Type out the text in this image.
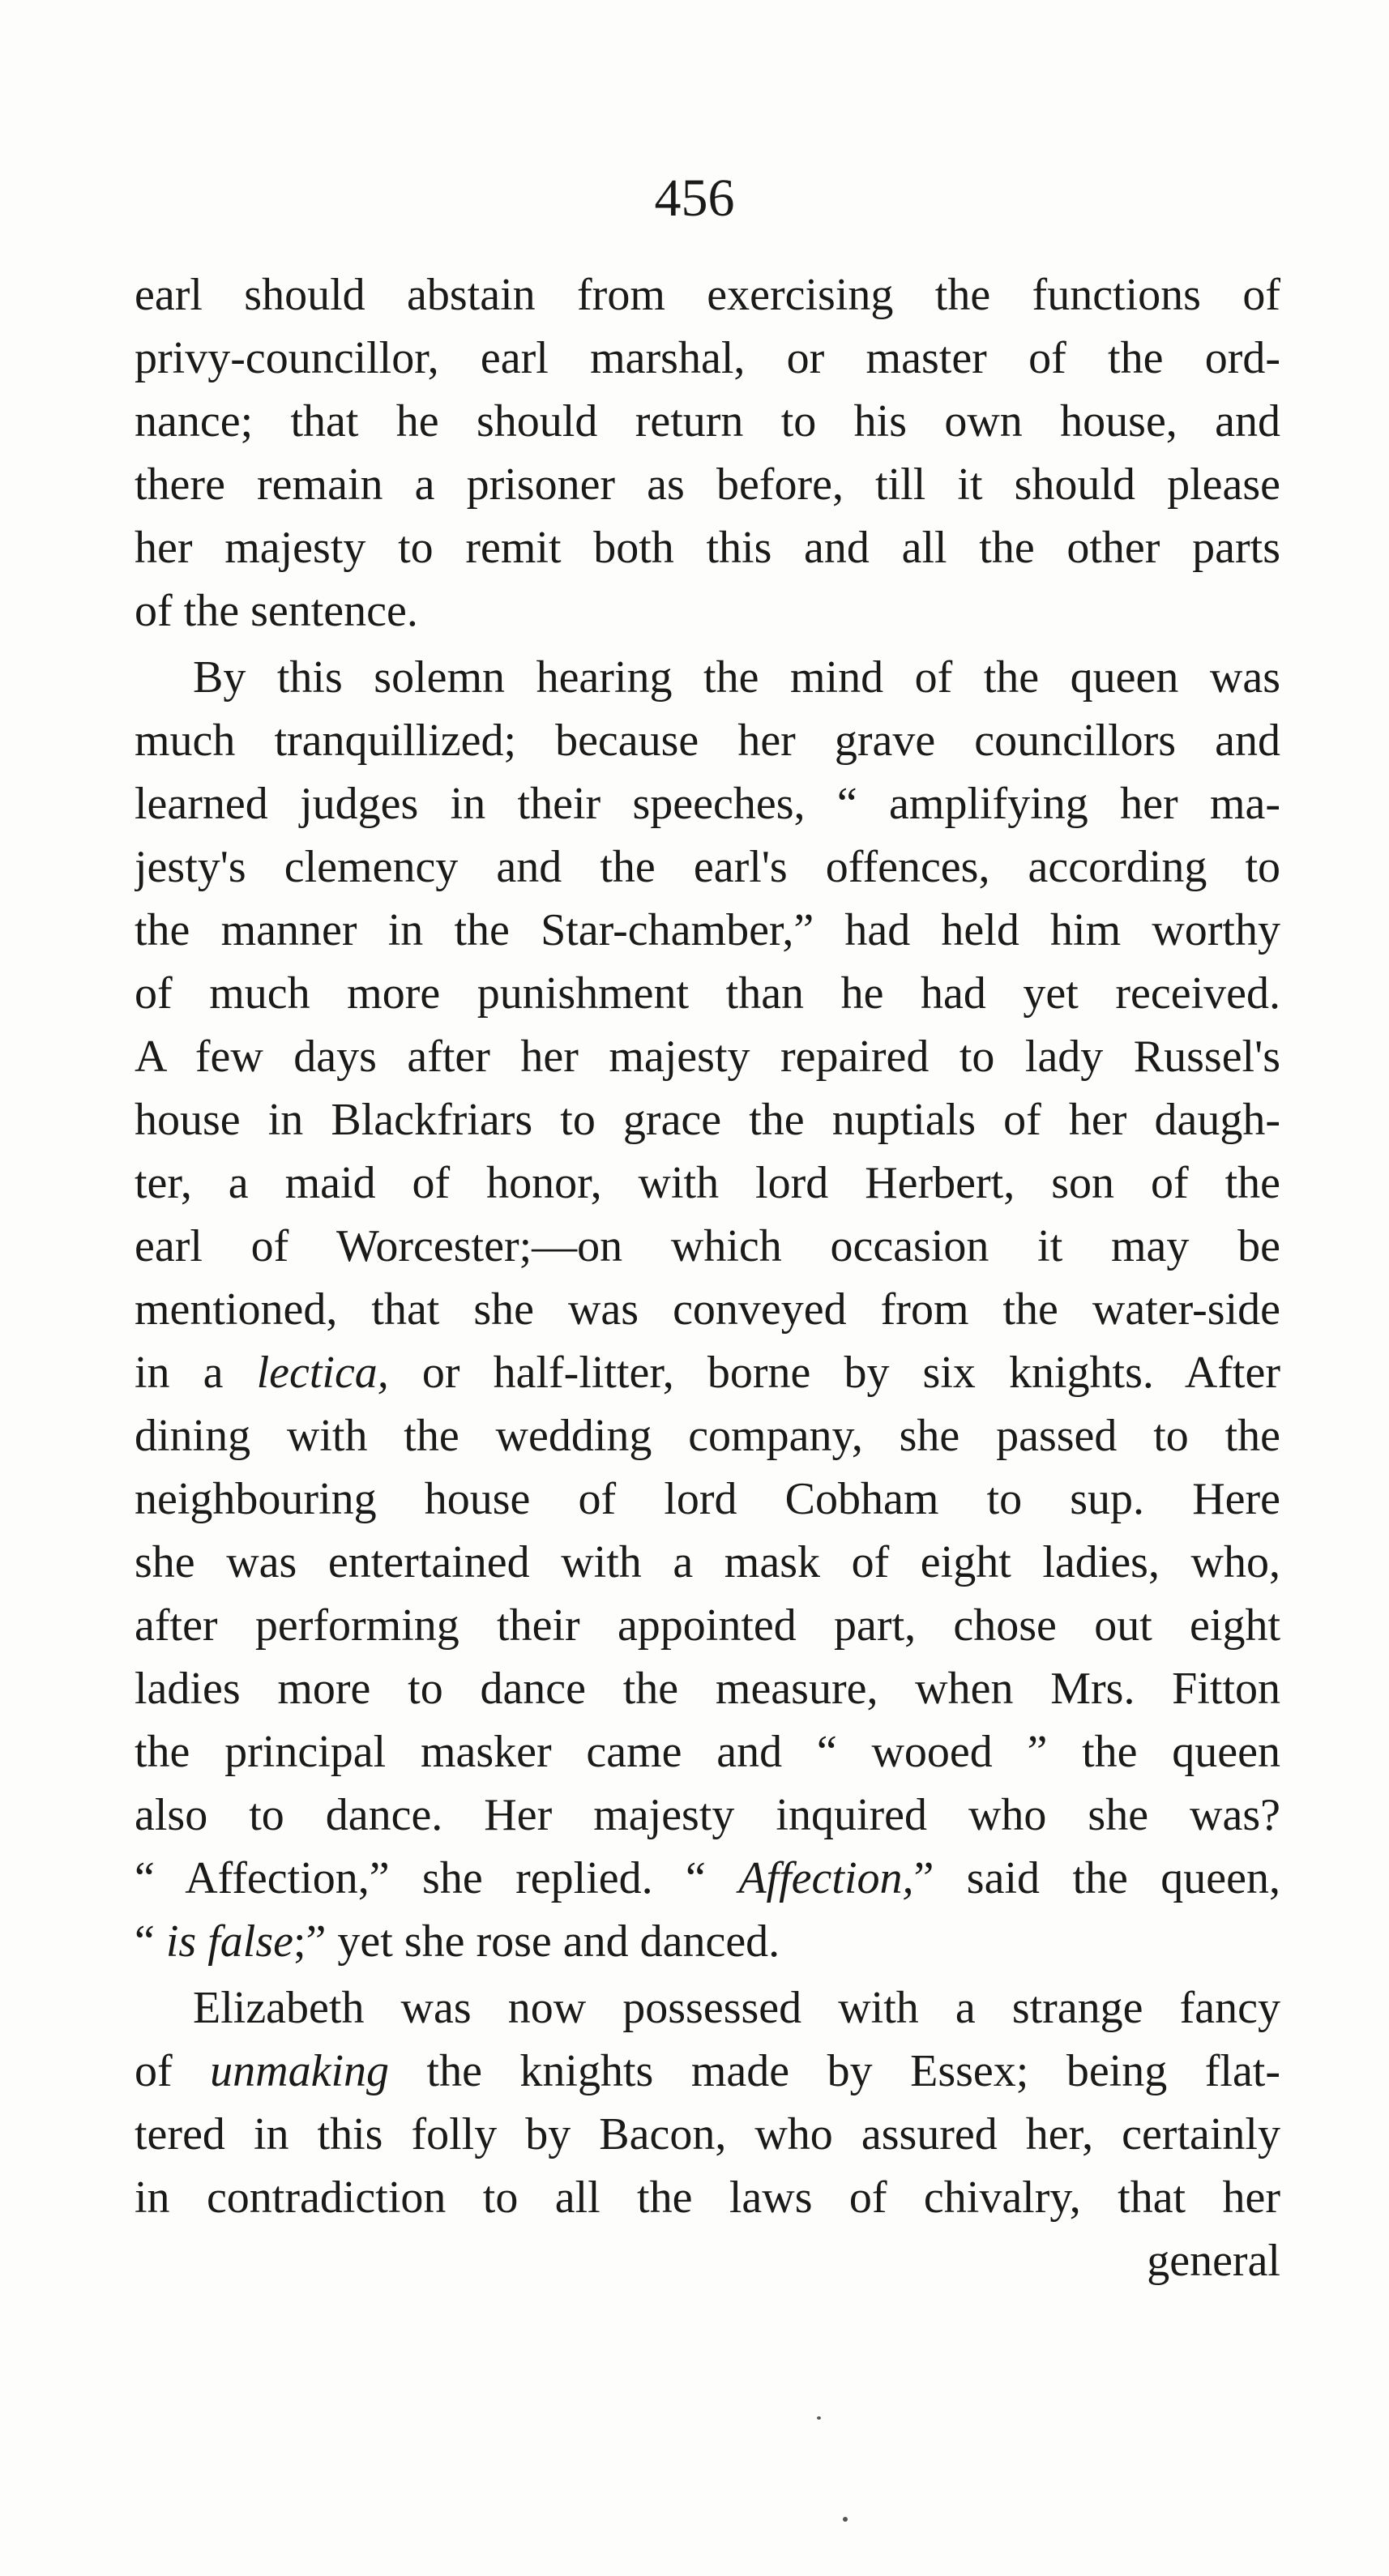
456
earl should abstain from exercising the functions of
privy-councillor, earl marshal, or master of the ord-
nance; that he should return to his own house, and
there remain a prisoner as before, till it should please
her majesty to remit both this and all the other parts
of the sentence.
By this solemn hearing the mind of the queen was
much tranquillized; because her grave councillors and
learned judges in their speeches, “ amplifying her ma-
jesty's clemency and the earl's offences, according to
the manner in the Star-chamber,” had held him worthy
of much more punishment than he had yet received.
A few days after her majesty repaired to lady Russel's
house in Blackfriars to grace the nuptials of her daugh-
ter, a maid of honor, with lord Herbert, son of the
earl of Worcester;—on which occasion it may be
mentioned, that she was conveyed from the water-side
in a lectica, or half-litter, borne by six knights. After
dining with the wedding company, she passed to the
neighbouring house of lord Cobham to sup. Here
she was entertained with a mask of eight ladies, who,
after performing their appointed part, chose out eight
ladies more to dance the measure, when Mrs. Fitton
the principal masker came and “ wooed ” the queen
also to dance. Her majesty inquired who she was?
“ Affection,” she replied. “ Affection,” said the queen,
“ is false;” yet she rose and danced.
Elizabeth was now possessed with a strange fancy
of unmaking the knights made by Essex; being flat-
tered in this folly by Bacon, who assured her, certainly
in contradiction to all the laws of chivalry, that her
general
